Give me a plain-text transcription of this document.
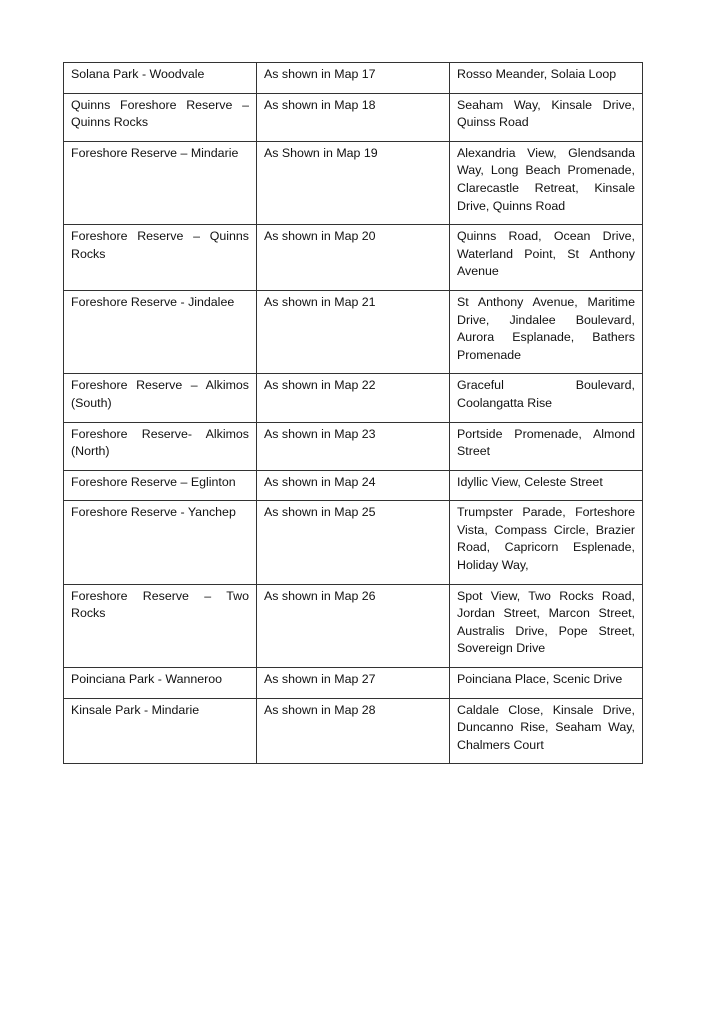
Solana Park - Woodvale	As shown in Map 17	Rosso Meander, Solaia Loop
Quinns Foreshore Reserve – Quinns Rocks	As shown in Map 18	Seaham Way, Kinsale Drive, Quinss Road
Foreshore Reserve – Mindarie	As Shown in Map 19	Alexandria View, Glendsanda Way, Long Beach Promenade, Clarecastle Retreat, Kinsale Drive, Quinns Road
Foreshore Reserve – Quinns Rocks	As shown in Map 20	Quinns Road, Ocean Drive, Waterland Point, St Anthony Avenue
Foreshore Reserve - Jindalee	As shown in Map 21	St Anthony Avenue, Maritime Drive, Jindalee Boulevard, Aurora Esplanade, Bathers Promenade
Foreshore Reserve – Alkimos (South)	As shown in Map 22	Graceful Boulevard, Coolangatta Rise
Foreshore Reserve- Alkimos (North)	As shown in Map 23	Portside Promenade, Almond Street
Foreshore Reserve – Eglinton	As shown in Map 24	Idyllic View, Celeste Street
Foreshore Reserve - Yanchep	As shown in Map 25	Trumpster Parade, Forteshore Vista, Compass Circle, Brazier Road, Capricorn Esplenade, Holiday Way,
Foreshore Reserve – Two Rocks	As shown in Map 26	Spot View, Two Rocks Road, Jordan Street, Marcon Street, Australis Drive, Pope Street, Sovereign Drive
Poinciana Park - Wanneroo	As shown in Map 27	Poinciana Place, Scenic Drive
Kinsale Park - Mindarie	As shown in Map 28	Caldale Close, Kinsale Drive, Duncanno Rise, Seaham Way, Chalmers Court
